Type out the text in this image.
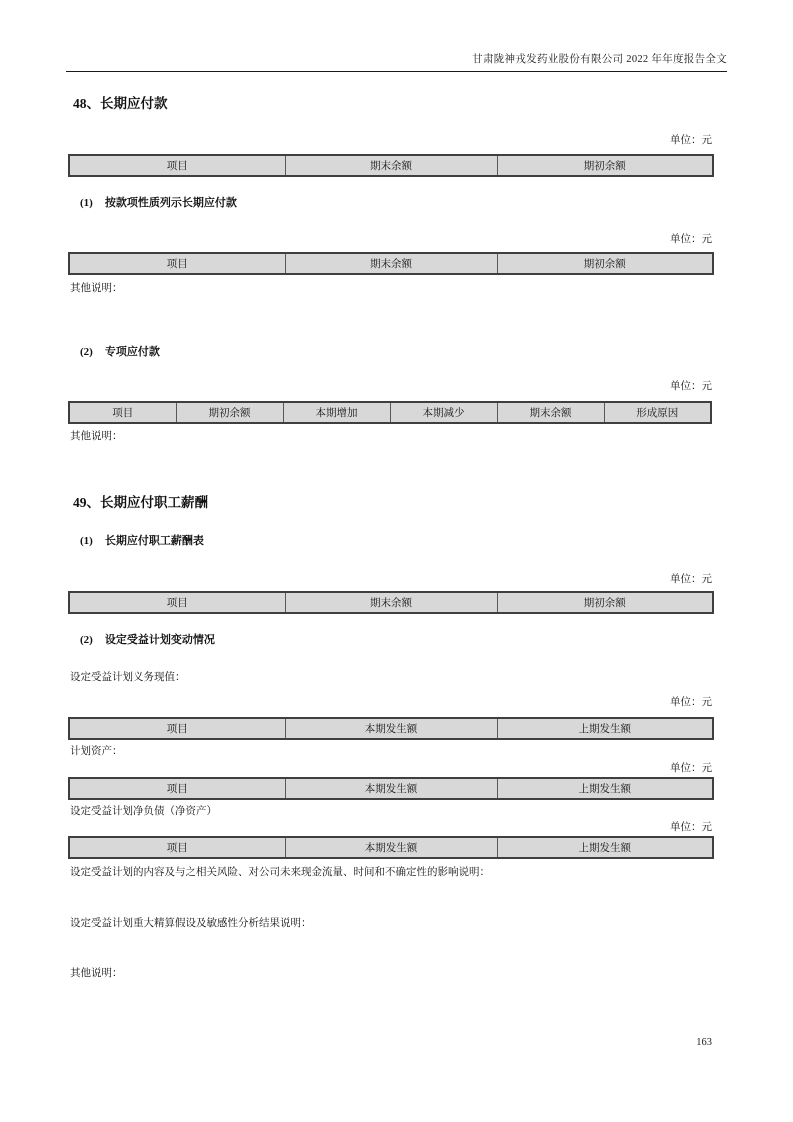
甘肃陇神戎发药业股份有限公司 2022 年年度报告全文
48、长期应付款
单位：元
项目	期末余额	期初余额
(1) 按款项性质列示长期应付款
单位：元
项目	期末余额	期初余额
其他说明：
(2) 专项应付款
单位：元
项目	期初余额	本期增加	本期减少	期末余额	形成原因
其他说明：
49、长期应付职工薪酬
(1) 长期应付职工薪酬表
单位：元
项目	期末余额	期初余额
(2) 设定受益计划变动情况
设定受益计划义务现值：
单位：元
项目	本期发生额	上期发生额
计划资产：
单位：元
项目	本期发生额	上期发生额
设定受益计划净负债（净资产）
单位：元
项目	本期发生额	上期发生额
设定受益计划的内容及与之相关风险、对公司未来现金流量、时间和不确定性的影响说明：
设定受益计划重大精算假设及敏感性分析结果说明：
其他说明：
163
